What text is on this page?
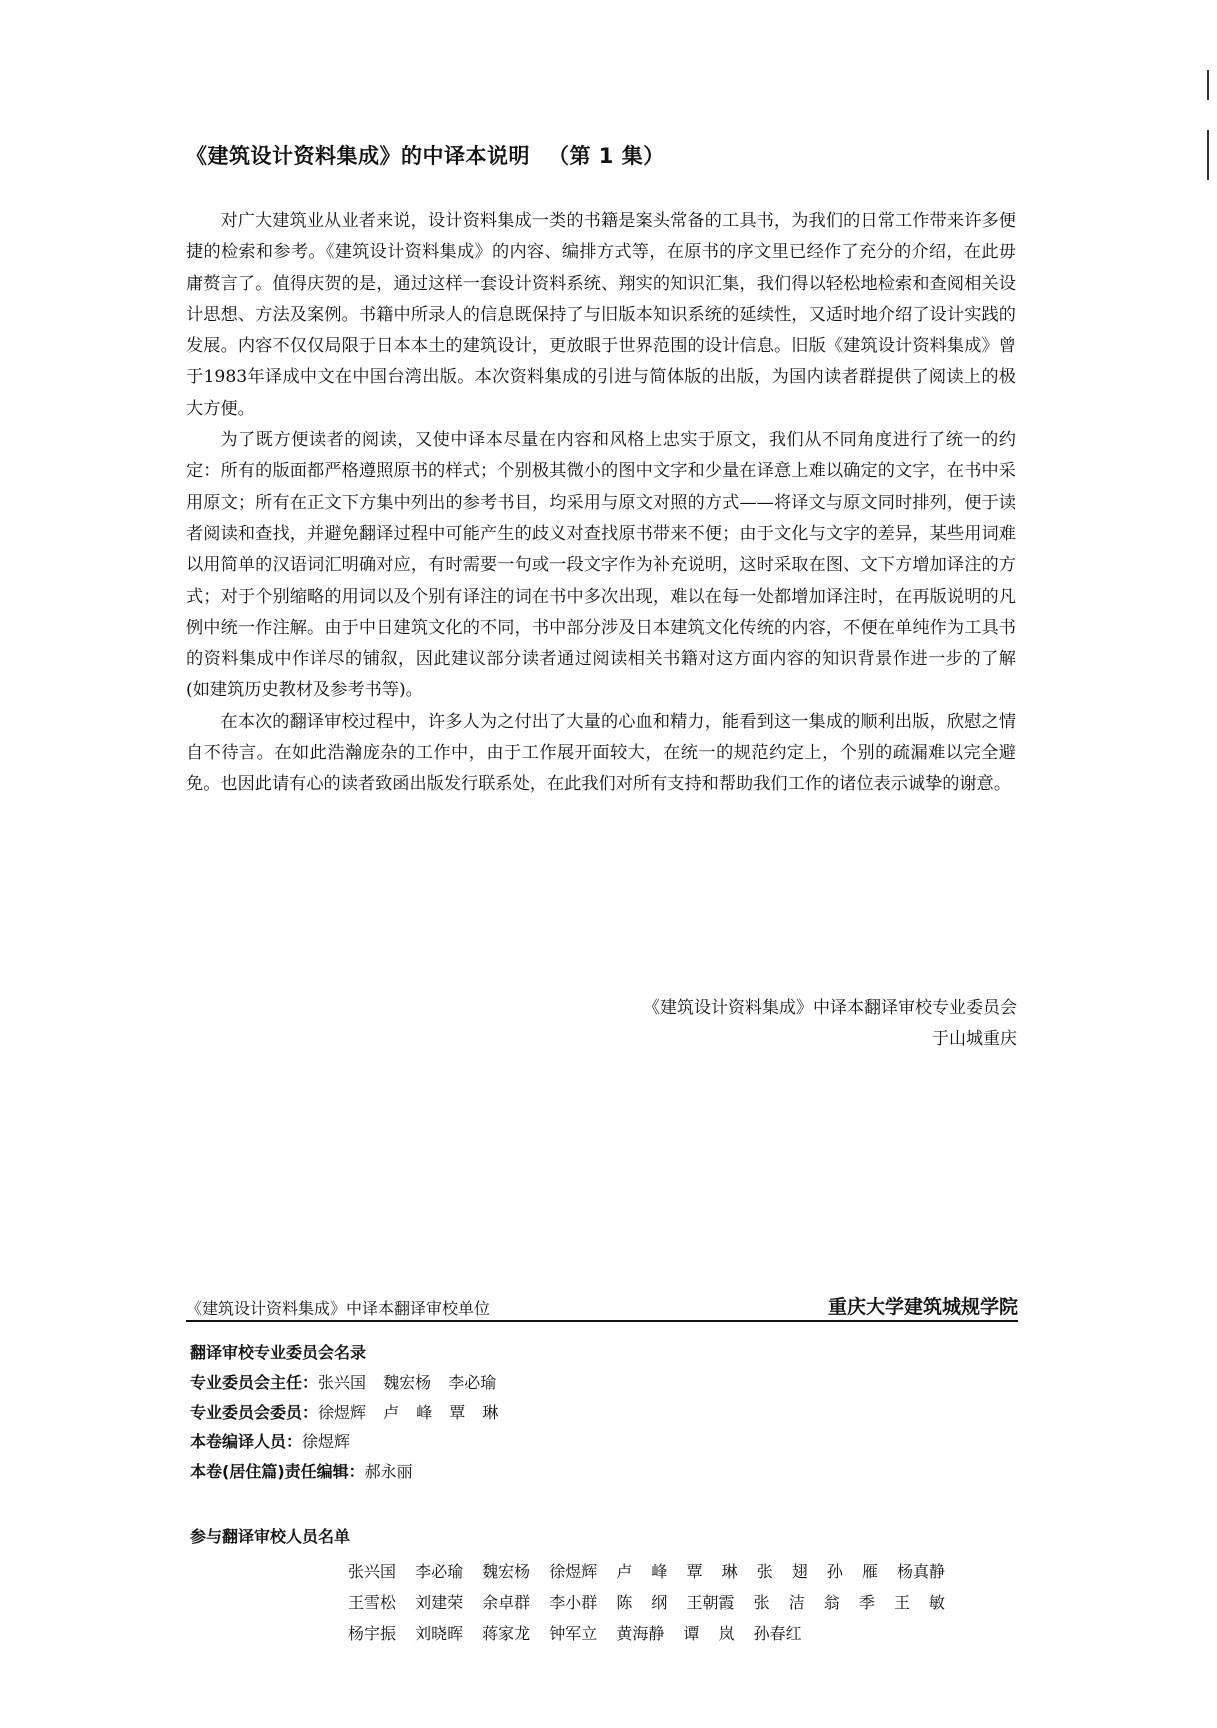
《建筑设计资料集成》的中译本说明 （第 1 集）

对广大建筑业从业者来说，设计资料集成一类的书籍是案头常备的工具书，为我们的日常工作带来许多便捷的检索和参考。《建筑设计资料集成》的内容、编排方式等，在原书的序文里已经作了充分的介绍，在此毋庸赘言了。值得庆贺的是，通过这样一套设计资料系统、翔实的知识汇集，我们得以轻松地检索和查阅相关设计思想、方法及案例。书籍中所录人的信息既保持了与旧版本知识系统的延续性，又适时地介绍了设计实践的发展。内容不仅仅局限于日本本土的建筑设计，更放眼于世界范围的设计信息。旧版《建筑设计资料集成》曾于1983年译成中文在中国台湾出版。本次资料集成的引进与简体版的出版，为国内读者群提供了阅读上的极大方便。

为了既方便读者的阅读，又使中译本尽量在内容和风格上忠实于原文，我们从不同角度进行了统一的约定：所有的版面都严格遵照原书的样式；个别极其微小的图中文字和少量在译意上难以确定的文字，在书中采用原文；所有在正文下方集中列出的参考书目，均采用与原文对照的方式——将译文与原文同时排列，便于读者阅读和查找，并避免翻译过程中可能产生的歧义对查找原书带来不便；由于文化与文字的差异，某些用词难以用简单的汉语词汇明确对应，有时需要一句或一段文字作为补充说明，这时采取在图、文下方增加译注的方式；对于个别缩略的用词以及个别有译注的词在书中多次出现，难以在每一处都增加译注时，在再版说明的凡例中统一作注解。由于中日建筑文化的不同，书中部分涉及日本建筑文化传统的内容，不便在单纯作为工具书的资料集成中作详尽的铺叙，因此建议部分读者通过阅读相关书籍对这方面内容的知识背景作进一步的了解(如建筑历史教材及参考书等)。

在本次的翻译审校过程中，许多人为之付出了大量的心血和精力，能看到这一集成的顺利出版，欣慰之情自不待言。在如此浩瀚庞杂的工作中，由于工作展开面较大，在统一的规范约定上，个别的疏漏难以完全避免。也因此请有心的读者致函出版发行联系处，在此我们对所有支持和帮助我们工作的诸位表示诚挚的谢意。

《建筑设计资料集成》中译本翻译审校专业委员会
于山城重庆
《建筑设计资料集成》中译本翻译审校单位	重庆大学建筑城规学院
翻译审校专业委员会名录
专业委员会主任：张兴国 魏宏杨 李必瑜
专业委员会委员：徐煜辉 卢 峰 覃 琳
本卷编译人员：徐煜辉
本卷(居住篇)责任编辑：郝永丽
参与翻译审校人员名单
张兴国 李必瑜 魏宏杨 徐煜辉 卢 峰 覃 琳 张 翅 孙 雁 杨真静
王雪松 刘建荣 余卓群 李小群 陈 纲 王朝霞 张 洁 翁 季 王 敏
杨宇振 刘晓晖 蒋家龙 钟军立 黄海静 谭 岚 孙春红
